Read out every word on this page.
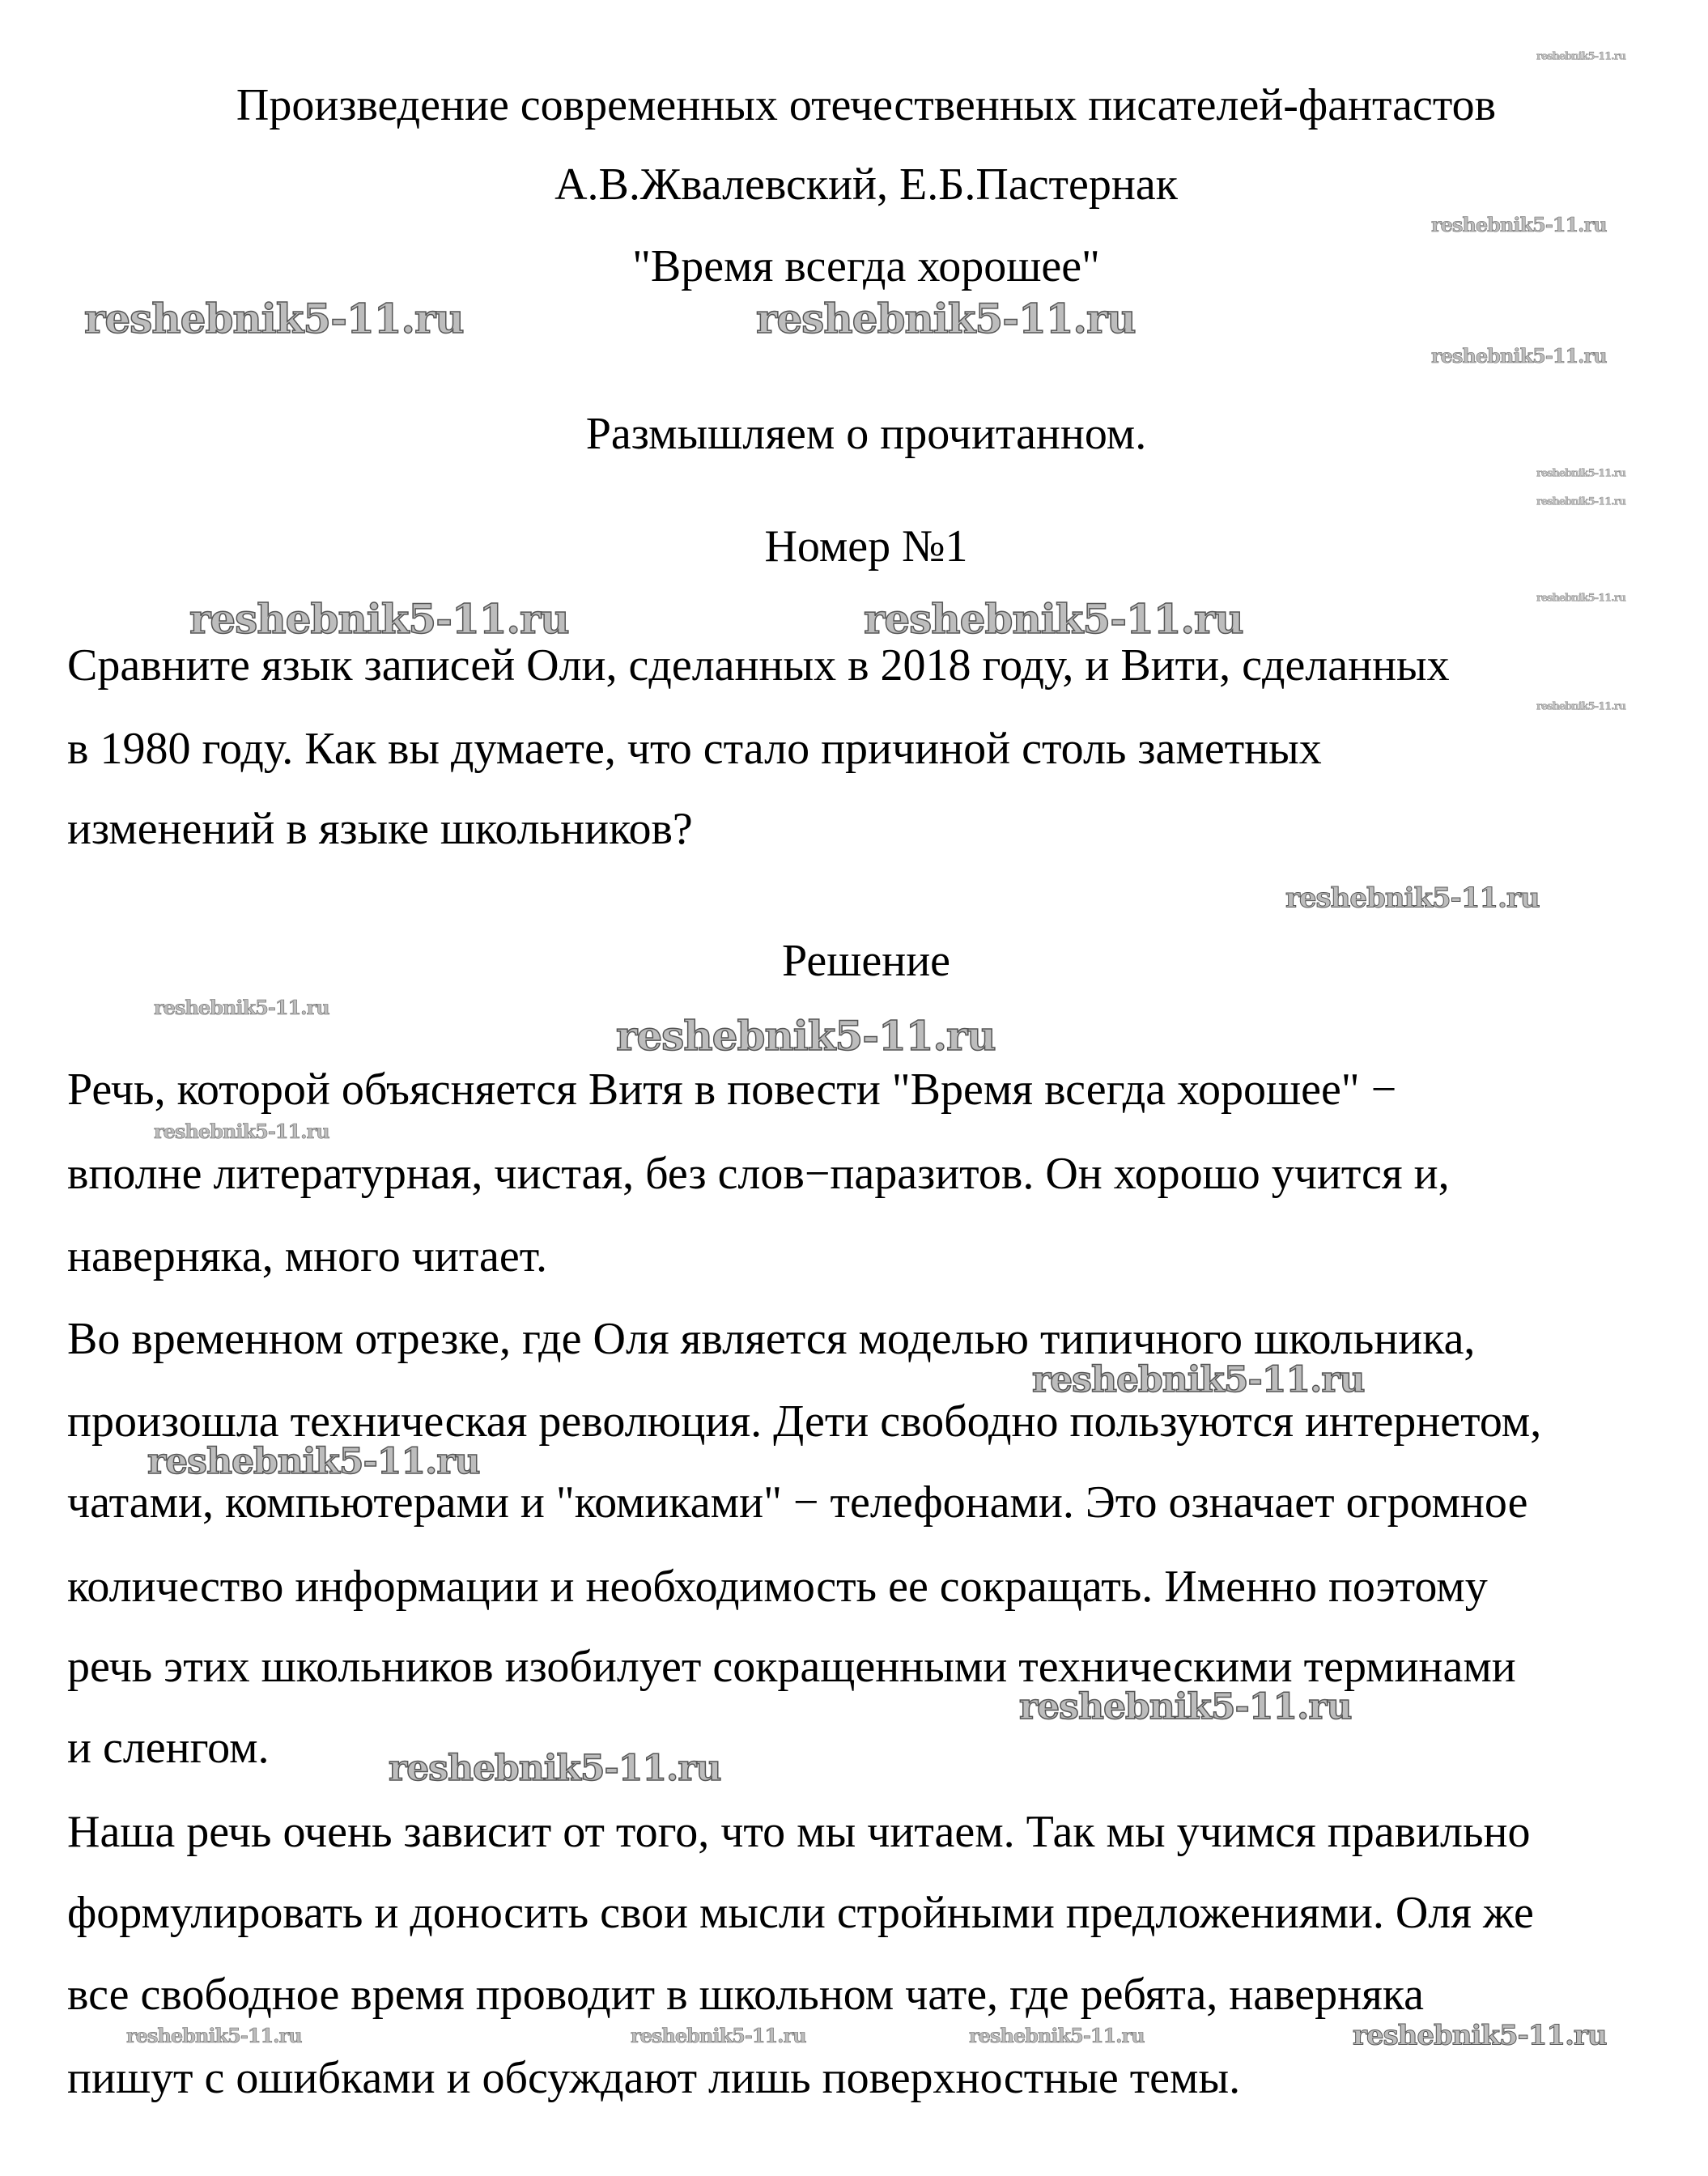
Произведение современных отечественных писателей-фантастов
А.В.Жвалевский, Е.Б.Пастернак
"Время всегда хорошее"
Размышляем о прочитанном.
Номер №1
Сравните язык записей Оли, сделанных в 2018 году, и Вити, сделанных
в 1980 году. Как вы думаете, что стало причиной столь заметных
изменений в языке школьников?
Решение
Речь, которой объясняется Витя в повести "Время всегда хорошее" −
вполне литературная, чистая, без слов−паразитов. Он хорошо учится и,
наверняка, много читает.
Во временном отрезке, где Оля является моделью типичного школьника,
произошла техническая революция. Дети свободно пользуются интернетом,
чатами, компьютерами и "комиками" − телефонами. Это означает огромное
количество информации и необходимость ее сокращать. Именно поэтому
речь этих школьников изобилует сокращенными техническими терминами
и сленгом.
Наша речь очень зависит от того, что мы читаем. Так мы учимся правильно
формулировать и доносить свои мысли стройными предложениями. Оля же
все свободное время проводит в школьном чате, где ребята, наверняка
пишут с ошибками и обсуждают лишь поверхностные темы.
reshebnik5-11.ru	reshebnik5-11.ru
reshebnik5-11.ru	reshebnik5-11.ru
reshebnik5-11.ru
reshebnik5-11.ru
reshebnik5-11.ru
reshebnik5-11.ru
reshebnik5-11.ru
reshebnik5-11.ru
reshebnik5-11.ru
reshebnik5-11.ru
reshebnik5-11.ru
reshebnik5-11.ru
reshebnik5-11.ru
reshebnik5-11.ru	reshebnik5-11.ru	reshebnik5-11.ru
reshebnik5-11.ru
reshebnik5-11.ru
reshebnik5-11.ru
reshebnik5-11.ru
reshebnik5-11.ru
